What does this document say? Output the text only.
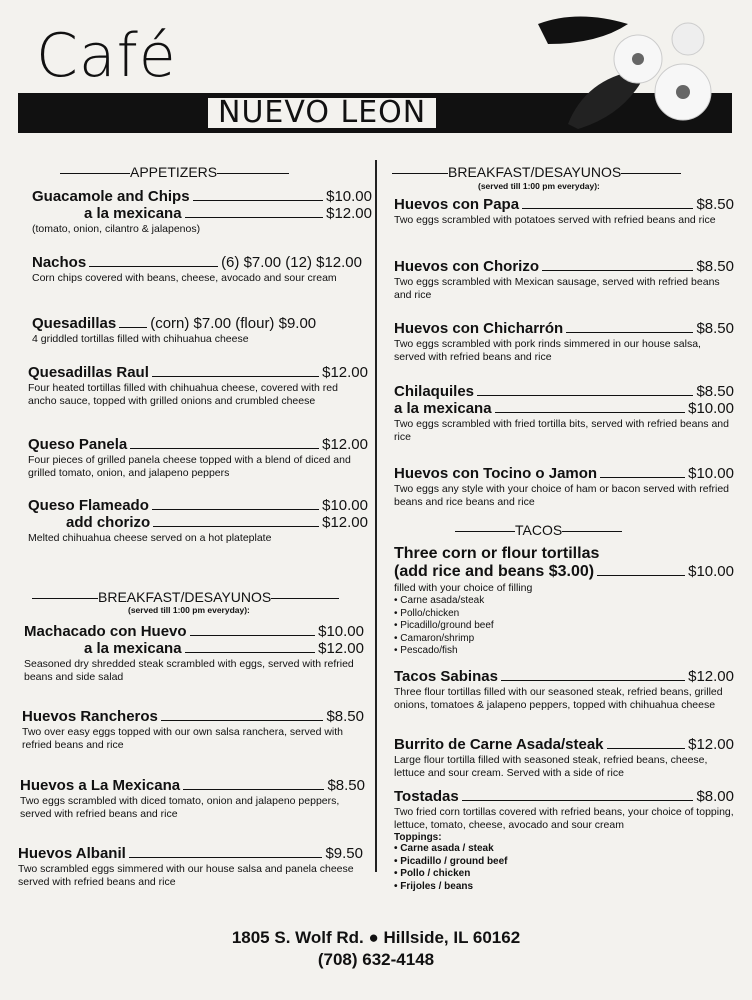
Café
NUEVO LEÓN
APPETIZERS
Guacamole and Chips	$10.00
a la mexicana	$12.00
(tomato, onion, cilantro & jalapenos)
Nachos	(6) $7.00 (12) $12.00
Corn chips covered with beans, cheese, avocado and sour cream
Quesadillas (corn) $7.00 (flour) $9.00
4 griddled tortillas filled with chihuahua cheese
Quesadillas Raul	$12.00
Four heated tortillas filled with chihuahua cheese, covered with red ancho sauce, topped with grilled onions and crumbled cheese
Queso Panela	$12.00
Four pieces of grilled panela cheese topped with a blend of diced and grilled tomato, onion, and jalapeno peppers
Queso Flameado	$10.00
add chorizo	$12.00
Melted chihuahua cheese served on a hot plateplate
BREAKFAST/DESAYUNOS
(served till 1:00 pm everyday):
Machacado con Huevo	$10.00
a la mexicana	$12.00
Seasoned dry shredded steak scrambled with eggs, served with refried beans and side salad
Huevos Rancheros	$8.50
Two over easy eggs topped with our own salsa ranchera, served with refried beans and rice
Huevos a La Mexicana	$8.50
Two eggs scrambled with diced tomato, onion and jalapeno peppers, served with refried beans and rice
Huevos Albanil	$9.50
Two scrambled eggs simmered with our house salsa and panela cheese served with refried beans and rice
BREAKFAST/DESAYUNOS
(served till 1:00 pm everyday):
Huevos con Papa	$8.50
Two eggs scrambled with potatoes served with refried beans and rice
Huevos con Chorizo	$8.50
Two eggs scrambled with Mexican sausage, served with refried beans and rice
Huevos con Chicharrón	$8.50
Two eggs scrambled with pork rinds simmered in our house salsa, served with refried beans and rice
Chilaquiles	$8.50
a la mexicana	$10.00
Two eggs scrambled with fried tortilla bits, served with refried beans and rice
Huevos con Tocino o Jamon	$10.00
Two eggs any style with your choice of ham or bacon served with refried beans and rice beans and rice
TACOS
Three corn or flour tortillas
(add rice and beans $3.00)	$10.00
filled with your choice of filling
• Carne asada/steak
• Pollo/chicken
• Picadillo/ground beef
• Camaron/shrimp
• Pescado/fish
Tacos Sabinas	$12.00
Three flour tortillas filled with our seasoned steak, refried beans, grilled onions, tomatoes & jalapeno peppers, topped with chihuahua cheese
Burrito de Carne Asada/steak	$12.00
Large flour tortilla filled with seasoned steak, refried beans, cheese, lettuce and sour cream. Served with a side of rice
Tostadas	$8.00
Two fried corn tortillas covered with refried beans, your choice of topping, lettuce, tomato, cheese, avocado and sour cream
Toppings:
• Carne asada / steak
• Picadillo / ground beef
• Pollo / chicken
• Frijoles / beans
1805 S. Wolf Rd. ● Hillside, IL 60162
(708) 632-4148
